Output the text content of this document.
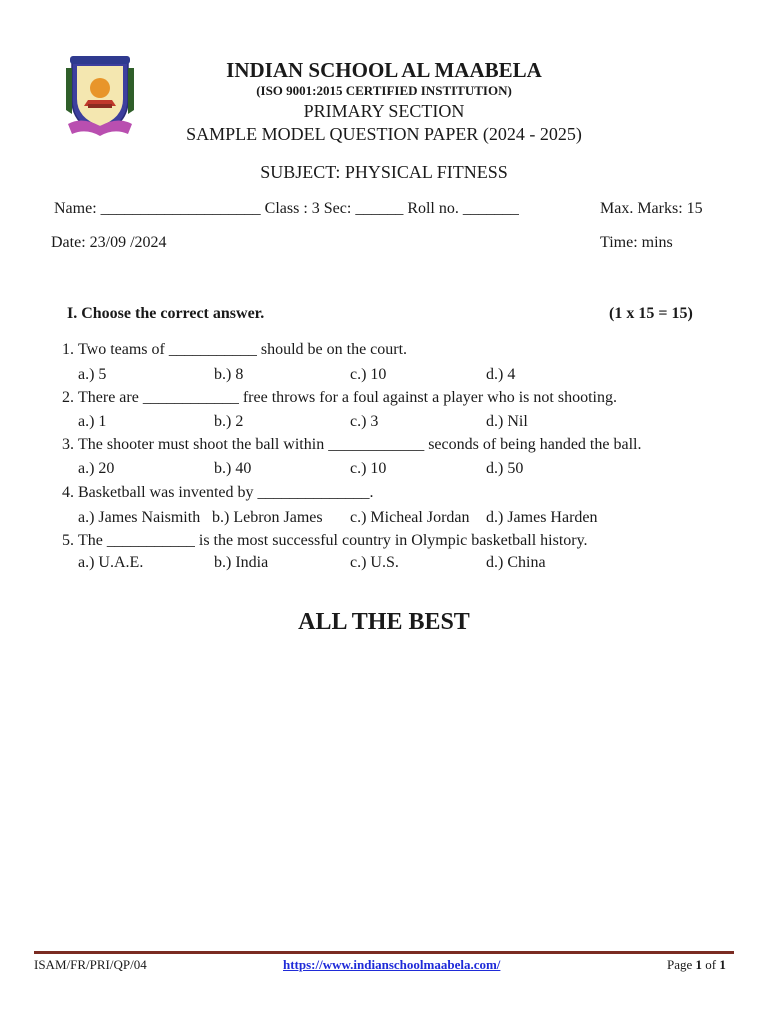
INDIAN SCHOOL AL MAABELA
(ISO 9001:2015 CERTIFIED INSTITUTION)
PRIMARY SECTION
SAMPLE MODEL QUESTION PAPER (2024 - 2025)
SUBJECT: PHYSICAL FITNESS
Name: ____________________ Class : 3 Sec: ______ Roll no. _______	Max. Marks: 15
Date: 23/09 /2024	Time: mins
I. Choose the correct answer.	(1 x 15 = 15)
1. Two teams of ___________ should be on the court.
a.) 5	b.) 8	c.) 10	d.) 4
2. There are ____________ free throws for a foul against a player who is not shooting.
a.) 1	b.) 2	c.) 3	d.) Nil
3. The shooter must shoot the ball within ____________ seconds of being handed the ball.
a.) 20	b.) 40	c.) 10	d.) 50
4. Basketball was invented by ______________.
a.) James Naismith b.) Lebron James c.) Micheal Jordan d.) James Harden
5. The ___________ is the most successful country in Olympic basketball history.
a.) U.A.E.	b.) India	c.) U.S.	d.) China
ALL THE BEST
ISAM/FR/PRI/QP/04	https://www.indianschoolmaabela.com/	Page 1 of 1
